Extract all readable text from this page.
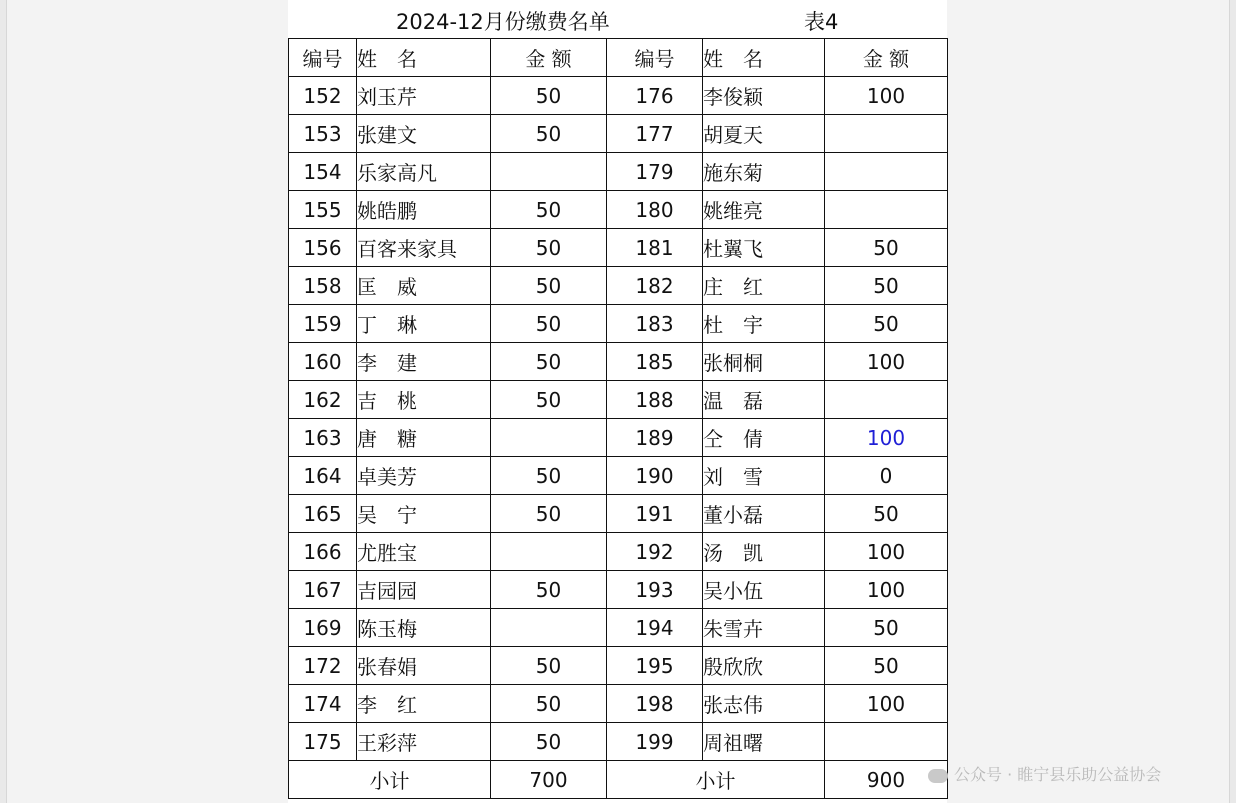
2024-12月份缴费名单	表4
编号	姓　名	金 额	编号	姓　名	金 额
152	刘玉芹	50	176	李俊颖	100
153	张建文	50	177	胡夏天	
154	乐家高凡		179	施东菊	
155	姚皓鹏	50	180	姚维亮	
156	百客来家具	50	181	杜翼飞	50
158	匡　威	50	182	庄　红	50
159	丁　琳	50	183	杜　宇	50
160	李　建	50	185	张桐桐	100
162	吉　桃	50	188	温　磊	
163	唐　糖		189	仝　倩	100
164	卓美芳	50	190	刘　雪	0
165	吴　宁	50	191	董小磊	50
166	尤胜宝		192	汤　凯	100
167	吉园园	50	193	吴小伍	100
169	陈玉梅		194	朱雪卉	50
172	张春娟	50	195	殷欣欣	50
174	李　红	50	198	张志伟	100
175	王彩萍	50	199	周祖曙	
小计		700	小计		900	公众号 · 睢宁县乐助公益协会
